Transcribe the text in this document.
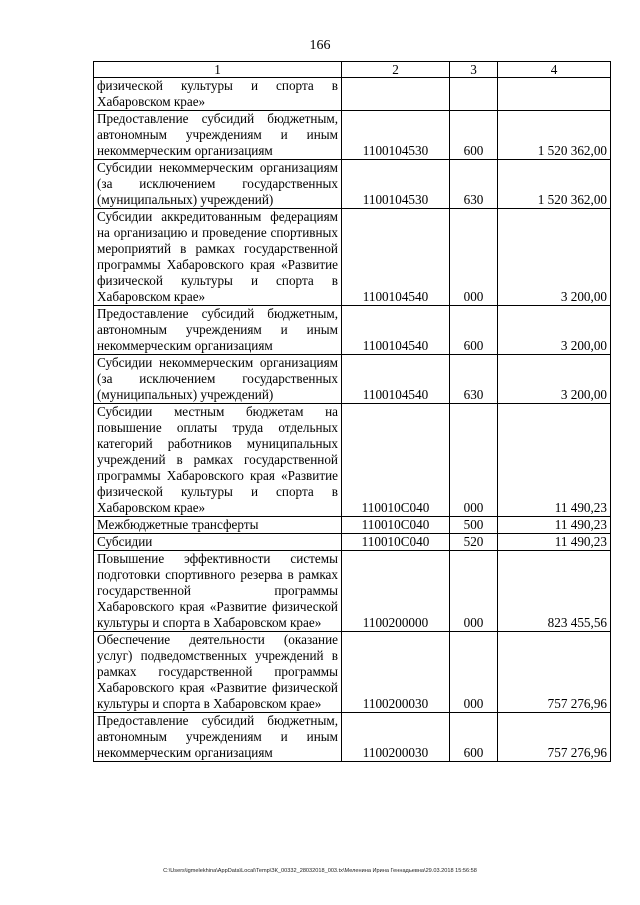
166
1	2	3	4
физической культуры и спорта в Хабаровском крае»			
Предоставление субсидий бюджетным, автономным учреждениям и иным некоммерческим организациям	1100104530	600	1 520 362,00
Субсидии некоммерческим организациям (за исключением государственных (муниципальных) учреждений)	1100104530	630	1 520 362,00
Субсидии аккредитованным федерациям на организацию и проведение спортивных мероприятий в рамках государственной программы Хабаровского края «Развитие физической культуры и спорта в Хабаровском крае»	1100104540	000	3 200,00
Предоставление субсидий бюджетным, автономным учреждениям и иным некоммерческим организациям	1100104540	600	3 200,00
Субсидии некоммерческим организациям (за исключением государственных (муниципальных) учреждений)	1100104540	630	3 200,00
Субсидии местным бюджетам на повышение оплаты труда отдельных категорий работников муниципальных учреждений в рамках государственной программы Хабаровского края «Развитие физической культуры и спорта в Хабаровском крае»	110010С040	000	11 490,23
Межбюджетные трансферты	110010С040	500	11 490,23
Субсидии	110010С040	520	11 490,23
Повышение эффективности системы подготовки спортивного резерва в рамках государственной программы Хабаровского края «Развитие физической культуры и спорта в Хабаровском крае»	1100200000	000	823 455,56
Обеспечение деятельности (оказание услуг) подведомственных учреждений в рамках государственной программы Хабаровского края «Развитие физической культуры и спорта в Хабаровском крае»	1100200030	000	757 276,96
Предоставление субсидий бюджетным, автономным учреждениям и иным некоммерческим организациям	1100200030	600	757 276,96
C:\Users\igmelekhina\AppData\Local\Temp\ЗК_00332_28032018_003.tx\Меленина Ирина Геннадьевна\29.03.2018 15:56:58
